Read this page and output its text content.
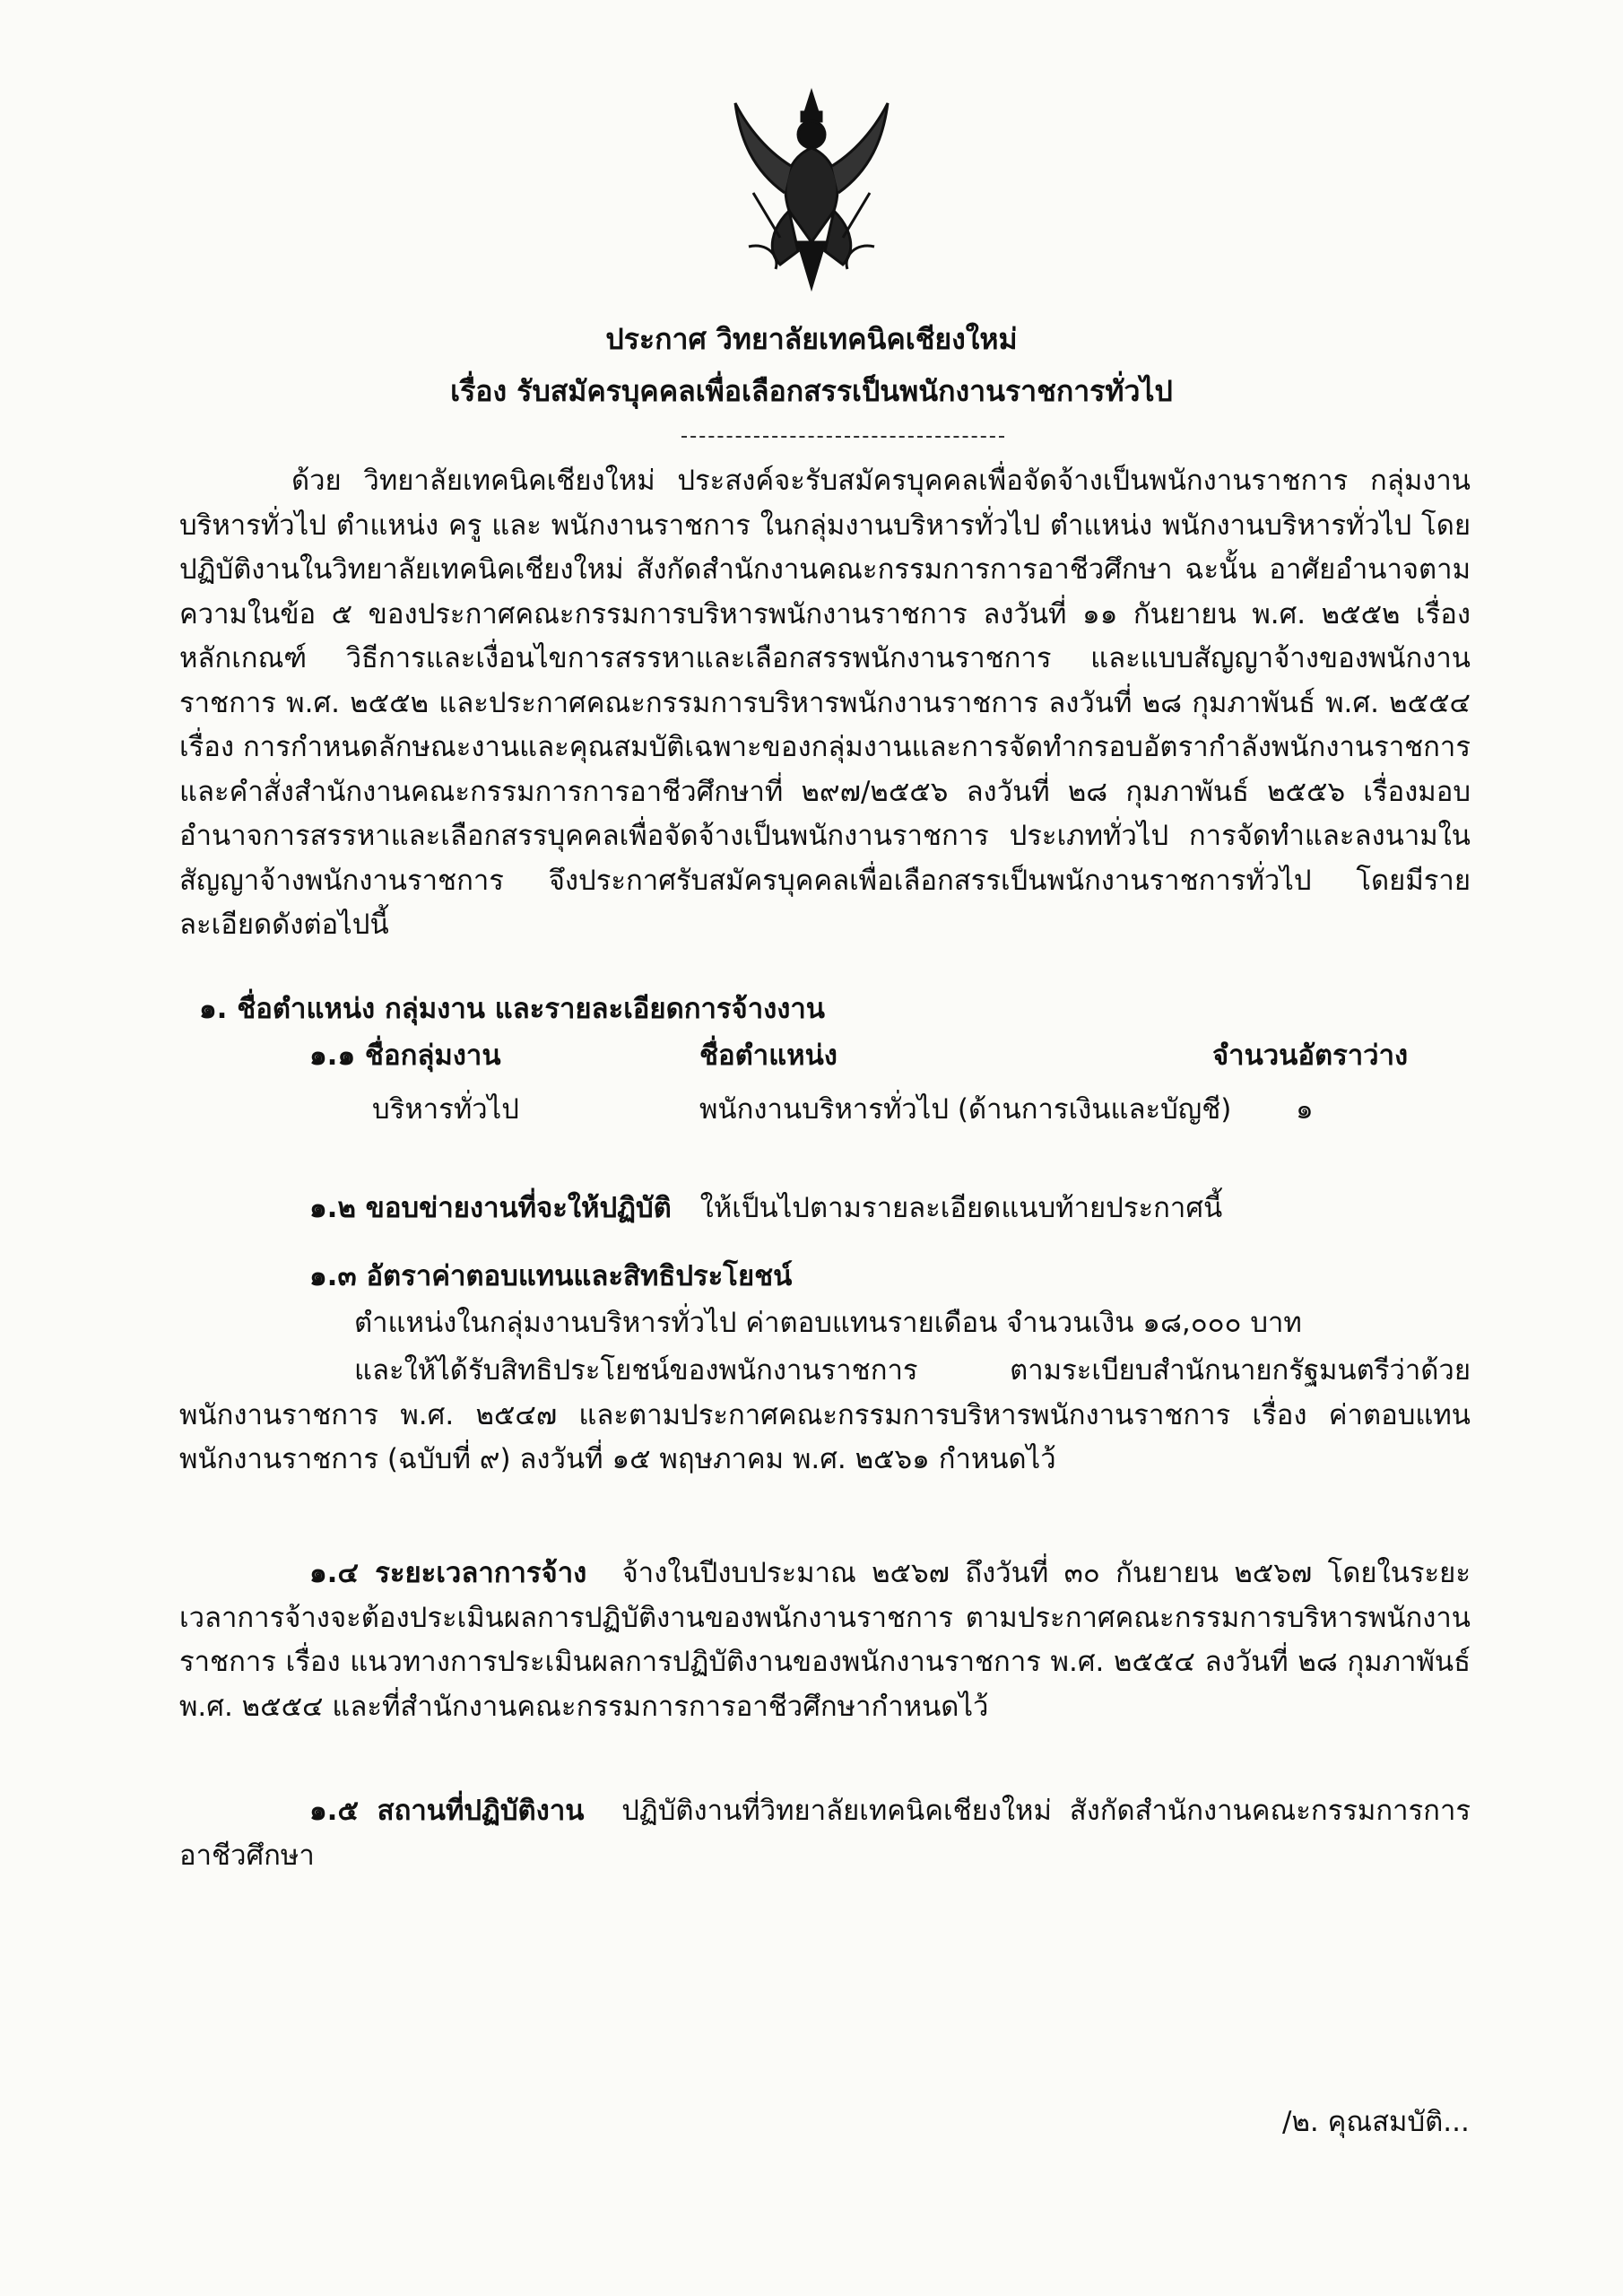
ประกาศ วิทยาลัยเทคนิคเชียงใหม่
เรื่อง รับสมัครบุคคลเพื่อเลือกสรรเป็นพนักงานราชการทั่วไป
ด้วย วิทยาลัยเทคนิคเชียงใหม่ ประสงค์จะรับสมัครบุคคลเพื่อจัดจ้างเป็นพนักงานราชการ กลุ่มงาน บริหารทั่วไป ตำแหน่ง ครู และ พนักงานราชการ ในกลุ่มงานบริหารทั่วไป ตำแหน่ง พนักงานบริหารทั่วไป โดยปฏิบัติงานในวิทยาลัยเทคนิคเชียงใหม่ สังกัดสำนักงานคณะกรรมการการอาชีวศึกษา ฉะนั้น อาศัยอำนาจตามความในข้อ ๕ ของประกาศคณะกรรมการบริหารพนักงานราชการ ลงวันที่ ๑๑ กันยายน พ.ศ. ๒๕๕๒ เรื่อง หลักเกณฑ์ วิธีการและเงื่อนไขการสรรหาและเลือกสรรพนักงานราชการ และแบบสัญญาจ้างของพนักงานราชการ พ.ศ. ๒๕๕๒ และประกาศคณะกรรมการบริหารพนักงานราชการ ลงวันที่ ๒๘ กุมภาพันธ์ พ.ศ. ๒๕๕๔ เรื่อง การกำหนดลักษณะงานและคุณสมบัติเฉพาะของกลุ่มงานและการจัดทำกรอบอัตรากำลังพนักงานราชการ และคำสั่งสำนักงานคณะกรรมการการอาชีวศึกษาที่ ๒๙๗/๒๕๕๖ ลงวันที่ ๒๘ กุมภาพันธ์ ๒๕๕๖ เรื่องมอบอำนาจการสรรหาและเลือกสรรบุคคลเพื่อจัดจ้างเป็นพนักงานราชการ ประเภททั่วไป การจัดทำและลงนามในสัญญาจ้างพนักงานราชการ จึงประกาศรับสมัครบุคคลเพื่อเลือกสรรเป็นพนักงานราชการทั่วไป โดยมีรายละเอียดดังต่อไปนี้
๑. ชื่อตำแหน่ง กลุ่มงาน และรายละเอียดการจ้างงาน
๑.๑ ชื่อกลุ่มงาน	ชื่อตำแหน่ง	จำนวนอัตราว่าง
บริหารทั่วไป	พนักงานบริหารทั่วไป (ด้านการเงินและบัญชี) ๑
๑.๒ ขอบข่ายงานที่จะให้ปฏิบัติ ให้เป็นไปตามรายละเอียดแนบท้ายประกาศนี้
๑.๓ อัตราค่าตอบแทนและสิทธิประโยชน์
ตำแหน่งในกลุ่มงานบริหารทั่วไป ค่าตอบแทนรายเดือน จำนวนเงิน ๑๘,๐๐๐ บาท
และให้ได้รับสิทธิประโยชน์ของพนักงานราชการ ตามระเบียบสำนักนายกรัฐมนตรีว่าด้วยพนักงานราชการ พ.ศ. ๒๕๔๗ และตามประกาศคณะกรรมการบริหารพนักงานราชการ เรื่อง ค่าตอบแทนพนักงานราชการ (ฉบับที่ ๙) ลงวันที่ ๑๕ พฤษภาคม พ.ศ. ๒๕๖๑ กำหนดไว้
๑.๔ ระยะเวลาการจ้าง จ้างในปีงบประมาณ ๒๕๖๗ ถึงวันที่ ๓๐ กันยายน ๒๕๖๗ โดยในระยะเวลาการจ้างจะต้องประเมินผลการปฏิบัติงานของพนักงานราชการ ตามประกาศคณะกรรมการบริหารพนักงานราชการ เรื่อง แนวทางการประเมินผลการปฏิบัติงานของพนักงานราชการ พ.ศ. ๒๕๕๔ ลงวันที่ ๒๘ กุมภาพันธ์ พ.ศ. ๒๕๕๔ และที่สำนักงานคณะกรรมการการอาชีวศึกษากำหนดไว้
๑.๕ สถานที่ปฏิบัติงาน ปฏิบัติงานที่วิทยาลัยเทคนิคเชียงใหม่ สังกัดสำนักงานคณะกรรมการการอาชีวศึกษา
/๒. คุณสมบัติ...
